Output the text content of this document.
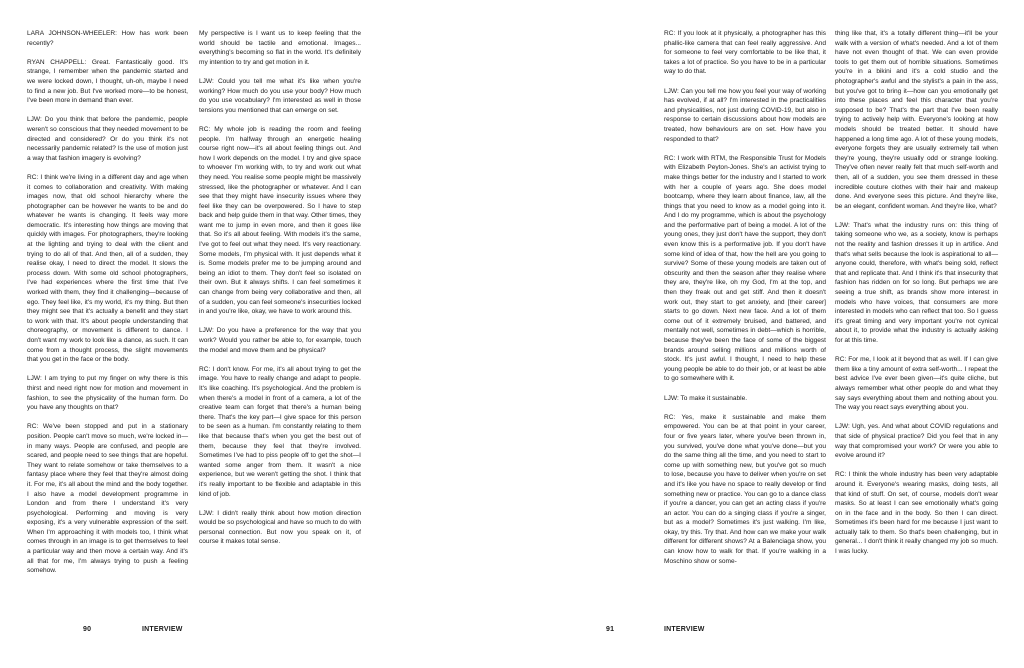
LARA JOHNSON-WHEELER: How has work been recently?

RYAN CHAPPELL: Great. Fantastically good. It's strange, I remember when the pandemic started and we were locked down, I thought, uh-oh, maybe I need to find a new job. But I've worked more—to be honest, I've been more in demand than ever.

LJW: Do you think that before the pandemic, people weren't so conscious that they needed movement to be directed and considered? Or do you think it's not necessarily pandemic related? Is the use of motion just a way that fashion imagery is evolving?

RC: I think we're living in a different day and age when it comes to collaboration and creativity. With making images now, that old school hierarchy where the photographer can be however he wants to be and do whatever he wants is changing. It feels way more democratic. It's interesting how things are moving that quickly with images. For photographers, they're looking at the lighting and trying to deal with the client and trying to do all of that. And then, all of a sudden, they realise okay, I need to direct the model. It slows the process down. With some old school photographers, I've had experiences where the first time that I've worked with them, they find it challenging—because of ego. They feel like, it's my world, it's my thing. But then they might see that it's actually a benefit and they start to work with that. It's about people understanding that choreography, or movement is different to dance. I don't want my work to look like a dance, as such. It can come from a thought process, the slight movements that you get in the face or the body.

LJW: I am trying to put my finger on why there is this thirst and need right now for motion and movement in fashion, to see the physicality of the human form. Do you have any thoughts on that?

RC: We've been stopped and put in a stationary position. People can't move so much, we're locked in—in many ways. People are confused, and people are scared, and people need to see things that are hopeful. They want to relate somehow or take themselves to a fantasy place where they feel that they're almost doing it. For me, it's all about the mind and the body together. I also have a model development programme in London and from there I understand it's very psychological. Performing and moving is very exposing, it's a very vulnerable expression of the self. When I'm approaching it with models too, I think what comes through in an image is to get themselves to feel a particular way and then move a certain way. And it's all that for me, I'm always trying to push a feeling somehow.

My perspective is I want us to keep feeling that the world should be tactile and emotional. Images... everything's becoming so flat in the world. It's definitely my intention to try and get motion in it.

LJW: Could you tell me what it's like when you're working? How much do you use your body? How much do you use vocabulary? I'm interested as well in those tensions you mentioned that can emerge on set.

RC: My whole job is reading the room and feeling people. I'm halfway through an energetic healing course right now—it's all about feeling things out. And how I work depends on the model. I try and give space to whoever I'm working with, to try and work out what they need. You realise some people might be massively stressed, like the photographer or whatever. And I can see that they might have insecurity issues where they feel like they can be overpowered. So I have to step back and help guide them in that way. Other times, they want me to jump in even more, and then it goes like that. So it's all about feeling. With models it's the same, I've got to feel out what they need. It's very reactionary. Some models, I'm physical with. It just depends what it is. Some models prefer me to be jumping around and being an idiot to them. They don't feel so isolated on their own. But it always shifts. I can feel sometimes it can change from being very collaborative and then, all of a sudden, you can feel someone's insecurities locked in and you're like, okay, we have to work around this.

LJW: Do you have a preference for the way that you work? Would you rather be able to, for example, touch the model and move them and be physical?

RC: I don't know. For me, it's all about trying to get the image. You have to really change and adapt to people. It's like coaching. It's psychological. And the problem is when there's a model in front of a camera, a lot of the creative team can forget that there's a human being there. That's the key part—I give space for this person to be seen as a human. I'm constantly relating to them like that because that's when you get the best out of them, because they feel that they're involved. Sometimes I've had to piss people off to get the shot—I wanted some anger from them. It wasn't a nice experience, but we weren't getting the shot. I think that it's really important to be flexible and adaptable in this kind of job.

LJW: I didn't really think about how motion direction would be so psychological and have so much to do with personal connection. But now you speak on it, of course it makes total sense.

90	INTERVIEW

RC: If you look at it physically, a photographer has this phallic-like camera that can feel really aggressive. And for someone to feel very comfortable to be like that, it takes a lot of practice. So you have to be in a particular way to do that.

LJW: Can you tell me how you feel your way of working has evolved, if at all? I'm interested in the practicalities and physicalities, not just during COVID-19, but also in response to certain discussions about how models are treated, how behaviours are on set. How have you responded to that?

RC: I work with RTM, the Responsible Trust for Models with Elizabeth Peyton-Jones. She's an activist trying to make things better for the industry and I started to work with her a couple of years ago. She does model bootcamp, where they learn about finance, law, all the things that you need to know as a model going into it. And I do my programme, which is about the psychology and the performative part of being a model. A lot of the young ones, they just don't have the support, they don't even know this is a performative job. If you don't have some kind of idea of that, how the hell are you going to survive? Some of these young models are taken out of obscurity and then the season after they realise where they are, they're like, oh my God, I'm at the top, and then they freak out and get stiff. And then it doesn't work out, they start to get anxiety, and [their career] starts to go down. Next new face. And a lot of them come out of it extremely bruised, and battered, and mentally not well, sometimes in debt—which is horrible, because they've been the face of some of the biggest brands around selling millions and millions worth of stock. It's just awful. I thought, I need to help these young people be able to do their job, or at least be able to go somewhere with it.

LJW: To make it sustainable.

RC: Yes, make it sustainable and make them empowered. You can be at that point in your career, four or five years later, where you've been thrown in, you survived, you've done what you've done—but you do the same thing all the time, and you need to start to come up with something new, but you've got so much to lose, because you have to deliver when you're on set and it's like you have no space to really develop or find something new or practice. You can go to a dance class if you're a dancer, you can get an acting class if you're an actor. You can do a singing class if you're a singer, but as a model? Sometimes it's just walking. I'm like, okay, try this. Try that. And how can we make your walk different for different shows? At a Balenciaga show, you can know how to walk for that. If you're walking in a Moschino show or some-

thing like that, it's a totally different thing—it'll be your walk with a version of what's needed. And a lot of them have not even thought of that. We can even provide tools to get them out of horrible situations. Sometimes you're in a bikini and it's a cold studio and the photographer's awful and the stylist's a pain in the ass, but you've got to bring it—how can you emotionally get into these places and feel this character that you're supposed to be? That's the part that I've been really trying to actively help with. Everyone's looking at how models should be treated better. It should have happened a long time ago. A lot of these young models, everyone forgets they are usually extremely tall when they're young, they're usually odd or strange looking. They've often never really felt that much self-worth and then, all of a sudden, you see them dressed in these incredible couture clothes with their hair and makeup done. And everyone sees this picture. And they're like, be an elegant, confident woman. And they're like, what?

LJW: That's what the industry runs on: this thing of taking someone who we, as a society, know is perhaps not the reality and fashion dresses it up in artifice. And that's what sells because the look is aspirational to all—anyone could, therefore, with what's being sold, reflect that and replicate that. And I think it's that insecurity that fashion has ridden on for so long. But perhaps we are seeing a true shift, as brands show more interest in models who have voices, that consumers are more interested in models who can reflect that too. So I guess it's great timing and very important you're not cynical about it, to provide what the industry is actually asking for at this time.

RC: For me, I look at it beyond that as well. If I can give them like a tiny amount of extra self-worth... I repeat the best advice I've ever been given—it's quite cliche, but always remember what other people do and what they say says everything about them and nothing about you. The way you react says everything about you.

LJW: Ugh, yes. And what about COVID regulations and that side of physical practice? Did you feel that in any way that compromised your work? Or were you able to evolve around it?

RC: I think the whole industry has been very adaptable around it. Everyone's wearing masks, doing tests, all that kind of stuff. On set, of course, models don't wear masks. So at least I can see emotionally what's going on in the face and in the body. So then I can direct. Sometimes it's been hard for me because I just want to actually talk to them. So that's been challenging, but in general... I don't think it really changed my job so much. I was lucky.

91	INTERVIEW
